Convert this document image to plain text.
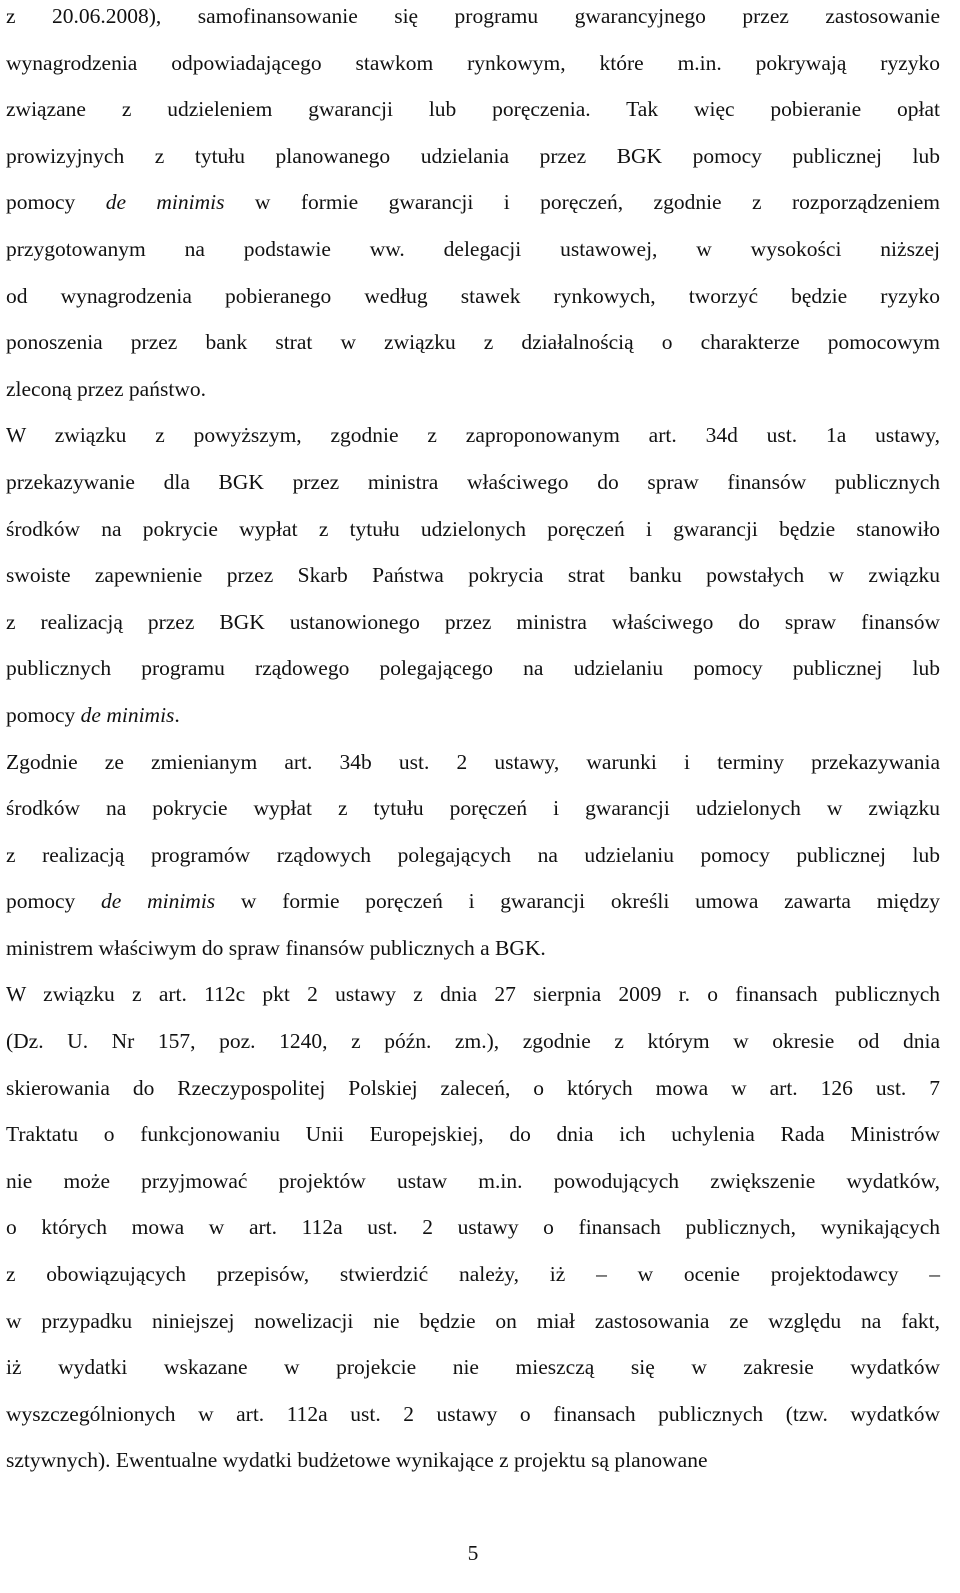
z 20.06.2008), samofinansowanie się programu gwarancyjnego przez zastosowanie
wynagrodzenia odpowiadającego stawkom rynkowym, które m.in. pokrywają ryzyko
związane z udzieleniem gwarancji lub poręczenia. Tak więc pobieranie opłat
prowizyjnych z tytułu planowanego udzielania przez BGK pomocy publicznej lub
pomocy de minimis w formie gwarancji i poręczeń, zgodnie z rozporządzeniem
przygotowanym na podstawie ww. delegacji ustawowej, w wysokości niższej
od wynagrodzenia pobieranego według stawek rynkowych, tworzyć będzie ryzyko
ponoszenia przez bank strat w związku z działalnością o charakterze pomocowym
zleconą przez państwo.
W związku z powyższym, zgodnie z zaproponowanym art. 34d ust. 1a ustawy,
przekazywanie dla BGK przez ministra właściwego do spraw finansów publicznych
środków na pokrycie wypłat z tytułu udzielonych poręczeń i gwarancji będzie stanowiło
swoiste zapewnienie przez Skarb Państwa pokrycia strat banku powstałych w związku
z realizacją przez BGK ustanowionego przez ministra właściwego do spraw finansów
publicznych programu rządowego polegającego na udzielaniu pomocy publicznej lub
pomocy de minimis.
Zgodnie ze zmienianym art. 34b ust. 2 ustawy, warunki i terminy przekazywania
środków na pokrycie wypłat z tytułu poręczeń i gwarancji udzielonych w związku
z realizacją programów rządowych polegających na udzielaniu pomocy publicznej lub
pomocy de minimis w formie poręczeń i gwarancji określi umowa zawarta między
ministrem właściwym do spraw finansów publicznych a BGK.
W związku z art. 112c pkt 2 ustawy z dnia 27 sierpnia 2009 r. o finansach publicznych
(Dz. U. Nr 157, poz. 1240, z późn. zm.), zgodnie z którym w okresie od dnia
skierowania do Rzeczypospolitej Polskiej zaleceń, o których mowa w art. 126 ust. 7
Traktatu o funkcjonowaniu Unii Europejskiej, do dnia ich uchylenia Rada Ministrów
nie może przyjmować projektów ustaw m.in. powodujących zwiększenie wydatków,
o których mowa w art. 112a ust. 2 ustawy o finansach publicznych, wynikających
z obowiązujących przepisów, stwierdzić należy, iż – w ocenie projektodawcy –
w przypadku niniejszej nowelizacji nie będzie on miał zastosowania ze względu na fakt,
iż wydatki wskazane w projekcie nie mieszczą się w zakresie wydatków
wyszczególnionych w art. 112a ust. 2 ustawy o finansach publicznych (tzw. wydatków
sztywnych). Ewentualne wydatki budżetowe wynikające z projektu są planowane
5
